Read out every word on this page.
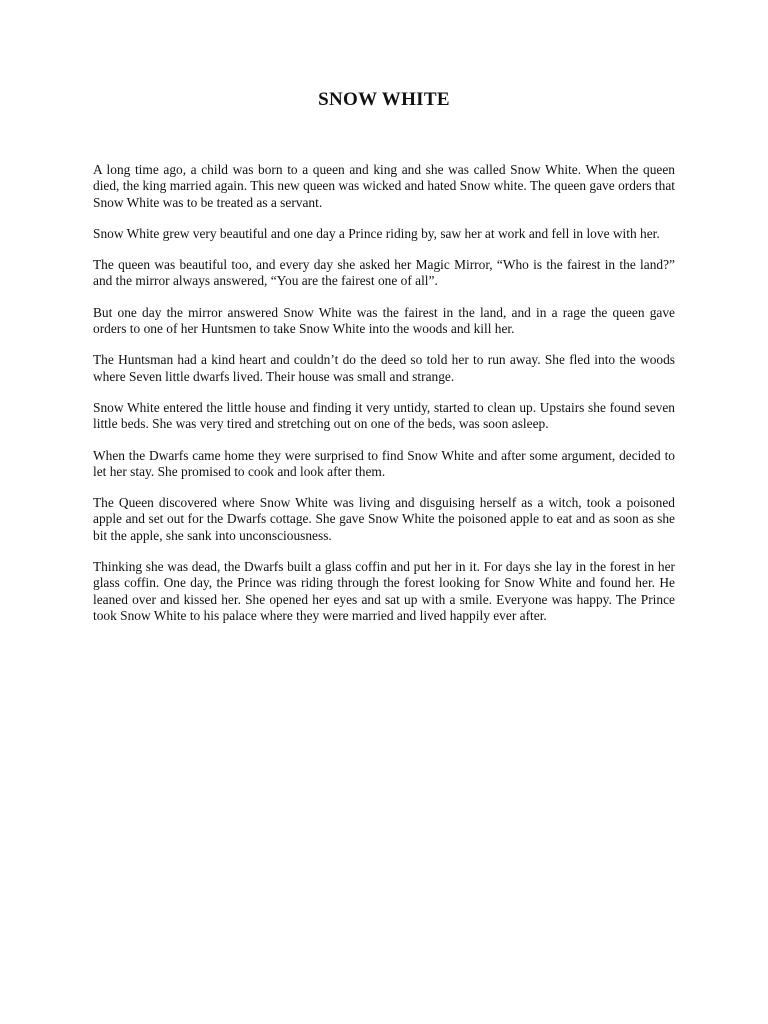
SNOW WHITE

A long time ago, a child was born to a queen and king and she was called Snow White. When the queen died, the king married again. This new queen was wicked and hated Snow white. The queen gave orders that Snow White was to be treated as a servant.

Snow White grew very beautiful and one day a Prince riding by, saw her at work and fell in love with her.

The queen was beautiful too, and every day she asked her Magic Mirror, “Who is the fairest in the land?” and the mirror always answered, “You are the fairest one of all”.

But one day the mirror answered Snow White was the fairest in the land, and in a rage the queen gave orders to one of her Huntsmen to take Snow White into the woods and kill her.

The Huntsman had a kind heart and couldn’t do the deed so told her to run away. She fled into the woods where Seven little dwarfs lived. Their house was small and strange.

Snow White entered the little house and finding it very untidy, started to clean up. Upstairs she found seven little beds. She was very tired and stretching out on one of the beds, was soon asleep.

When the Dwarfs came home they were surprised to find Snow White and after some argument, decided to let her stay. She promised to cook and look after them.

The Queen discovered where Snow White was living and disguising herself as a witch, took a poisoned apple and set out for the Dwarfs cottage. She gave Snow White the poisoned apple to eat and as soon as she bit the apple, she sank into unconsciousness.

Thinking she was dead, the Dwarfs built a glass coffin and put her in it. For days she lay in the forest in her glass coffin. One day, the Prince was riding through the forest looking for Snow White and found her. He leaned over and kissed her. She opened her eyes and sat up with a smile. Everyone was happy. The Prince took Snow White to his palace where they were married and lived happily ever after.
